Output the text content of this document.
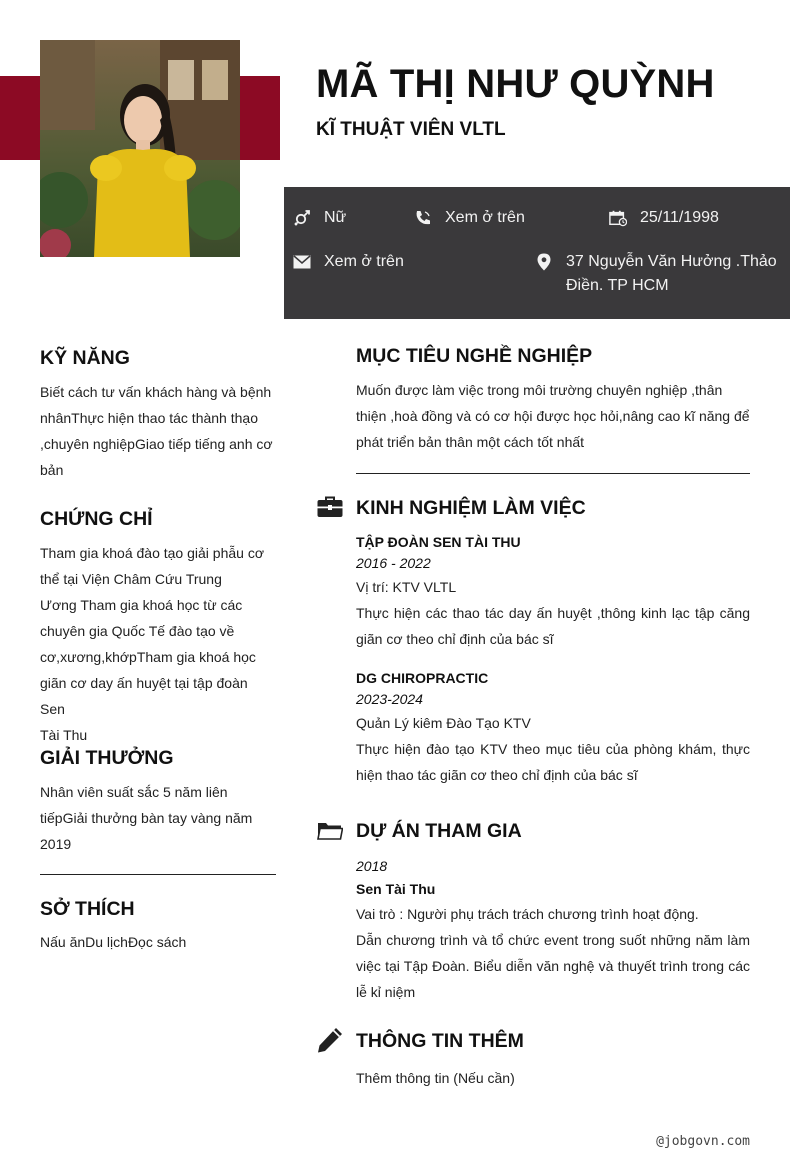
MÃ THỊ NHƯ QUỲNH
KĨ THUẬT VIÊN VLTL
Nữ	Xem ở trên	25/11/1998
Xem ở trên	37 Nguyễn Văn Hưởng .Thảo
Điền. TP HCM
KỸ NĂNG
Biết cách tư vấn khách hàng và bệnh
nhânThực hiện thao tác thành thạo
,chuyên nghiệpGiao tiếp tiếng anh cơ
bản
CHỨNG CHỈ
Tham gia khoá đào tạo giải phẫu cơ
thể tại Viện Châm Cứu Trung
Ương Tham gia khoá học từ các
chuyên gia Quốc Tế đào tạo về
cơ,xương,khớpTham gia khoá học
giãn cơ day ấn huyệt tại tập đoàn Sen
Tài Thu
GIẢI THƯỞNG
Nhân viên suất sắc 5 năm liên
tiếpGiải thưởng bàn tay vàng năm
2019
SỞ THÍCH
Nấu ănDu lịchĐọc sách
MỤC TIÊU NGHỀ NGHIỆP
Muốn được làm việc trong môi trường chuyên nghiệp ,thân
thiện ,hoà đồng và có cơ hội được học hỏi,nâng cao kĩ năng để
phát triển bản thân một cách tốt nhất
KINH NGHIỆM LÀM VIỆC
TẬP ĐOÀN SEN TÀI THU
2016 - 2022
Vị trí: KTV VLTL
Thực hiện các thao tác day ấn huyệt ,thông kinh lạc tập căng giãn cơ theo chỉ định của bác sĩ
DG CHIROPRACTIC
2023-2024
Quản Lý kiêm Đào Tạo KTV
Thực hiện đào tạo KTV theo mục tiêu của phòng khám, thực hiện thao tác giãn cơ theo chỉ định của bác sĩ
DỰ ÁN THAM GIA
2018
Sen Tài Thu
Vai trò : Người phụ trách trách chương trình hoạt động.
Dẫn chương trình và tổ chức event trong suốt những năm làm việc tại Tập Đoàn. Biểu diễn văn nghệ và thuyết trình trong các lễ kỉ niệm
THÔNG TIN THÊM
Thêm thông tin (Nếu cần)
@jobgovn.com
